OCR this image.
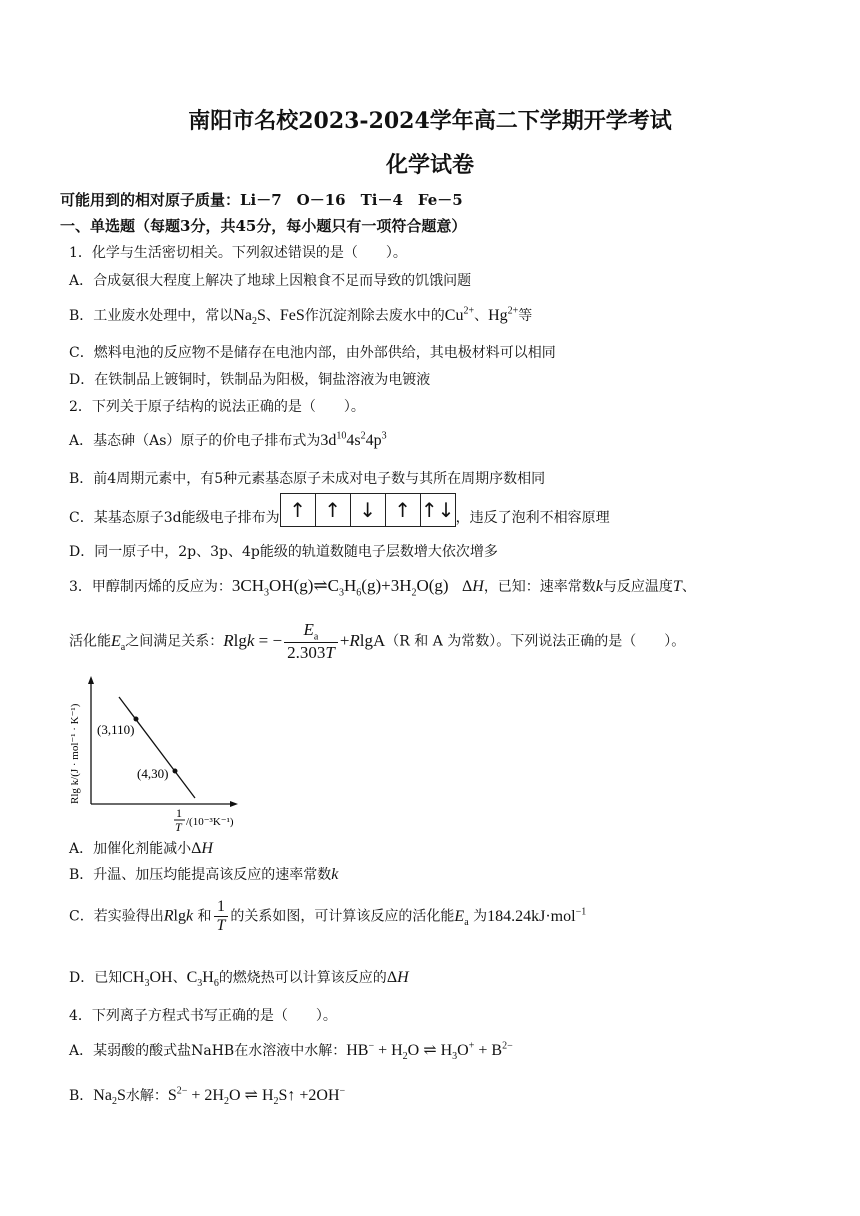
南阳市名校2023-2024学年高二下学期开学考试
化学试卷
可能用到的相对原子质量：Li－7　O－16　Ti－4　Fe－5
一、单选题（每题3分，共45分，每小题只有一项符合题意）
1．化学与生活密切相关。下列叙述错误的是（　　）。
A．合成氨很大程度上解决了地球上因粮食不足而导致的饥饿问题
B．工业废水处理中，常以$Na_2S$、FeS作沉淀剂除去废水中的$Cu^{2+}$、$Hg^{2+}$等
C．燃料电池的反应物不是储存在电池内部，由外部供给，其电极材料可以相同
D．在铁制品上镀铜时，铁制品为阳极，铜盐溶液为电镀液
2．下列关于原子结构的说法正确的是（　　）。
A．基态砷（As）原子的价电子排布式为$3d^{10}4s^24p^3$
B．前4周期元素中，有5种元素基态原子未成对电子数与其所在周期序数相同
C．某基态原子3d能级电子排布为 ↑ ↑ ↓ ↑ ↑↓，违反了泡利不相容原理
D．同一原子中，2p、3p、4p能级的轨道数随电子层数增大依次增多
3．甲醇制丙烯的反应为：$3CH_3OH(g)\rightleftharpoons C_3H_6(g)+3H_2O(g)$ ΔH，已知：速率常数k与反应温度T、
活化能$E_a$之间满足关系：Rlgk = − $\frac{E_a}{2.303T} +RlgA(R$ 和 A 为常数）。下列说法正确的是（　　）。
(3,110)
(4,30)
Rlg k/(J · mol⁻¹ · K⁻¹)
1
T /(10⁻³K⁻¹)
A．加催化剂能减小ΔH
B．升温、加压均能提高该反应的速率常数k
C．若实验得出Rlgk 和 $\frac{1}{T}$ 的关系如图，可计算该反应的活化能$E_a$ 为184.24kJ·mol$^{-1}$
D．已知$CH_3OH$、$C_3H_6$的燃烧热可以计算该反应的ΔH
4．下列离子方程式书写正确的是（　　）。
A．某弱酸的酸式盐NaHB在水溶液中水解：$HB^- + H_2O$ ⇌ $H_3O^+ + B^{2-}$
B．$Na_2S$水解：$S^{2-} + 2H_2O$ ⇌ $H_2S↑ +2OH^-$
